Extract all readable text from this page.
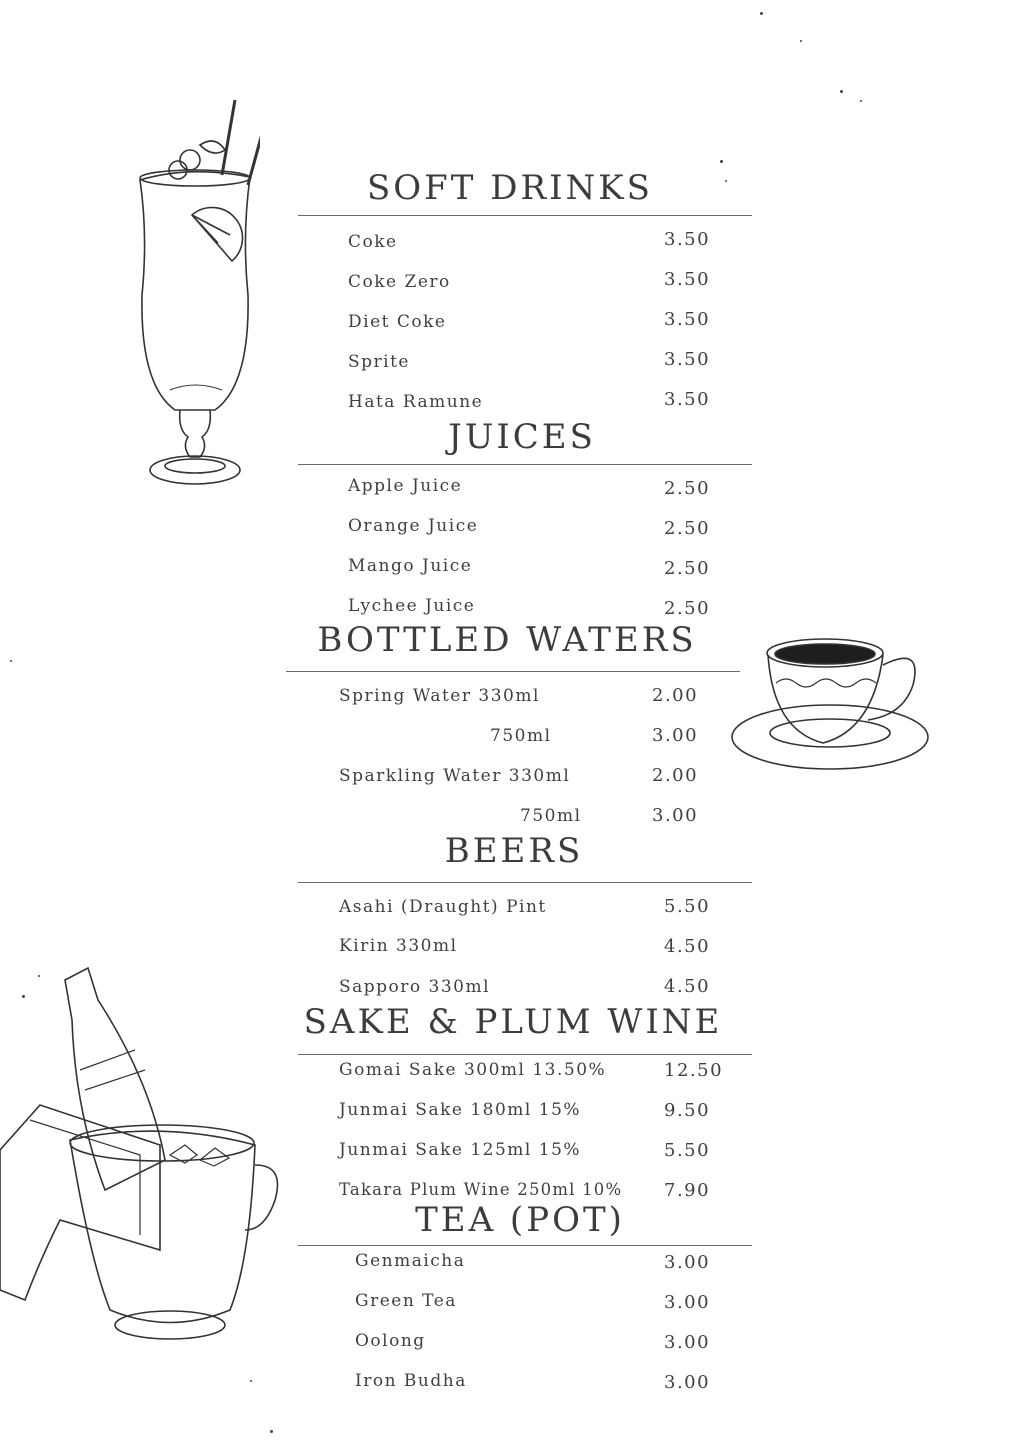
SOFT DRINKS
Coke	3.50
Coke Zero	3.50
Diet Coke	3.50
Sprite	3.50
Hata Ramune	3.50
JUICES
Apple Juice	2.50
Orange Juice	2.50
Mango Juice	2.50
Lychee Juice	2.50
BOTTLED WATERS
Spring Water 330ml	2.00
750ml	3.00
Sparkling Water 330ml	2.00
750ml	3.00
BEERS
Asahi (Draught) Pint	5.50
Kirin 330ml	4.50
Sapporo 330ml	4.50
SAKE & PLUM WINE
Gomai Sake 300ml 13.50%	12.50
Junmai Sake 180ml 15%	9.50
Junmai Sake 125ml 15%	5.50
Takara Plum Wine 250ml 10% 7.90
TEA (POT)
Genmaicha	3.00
Green Tea	3.00
Oolong	3.00
Iron Budha	3.00
